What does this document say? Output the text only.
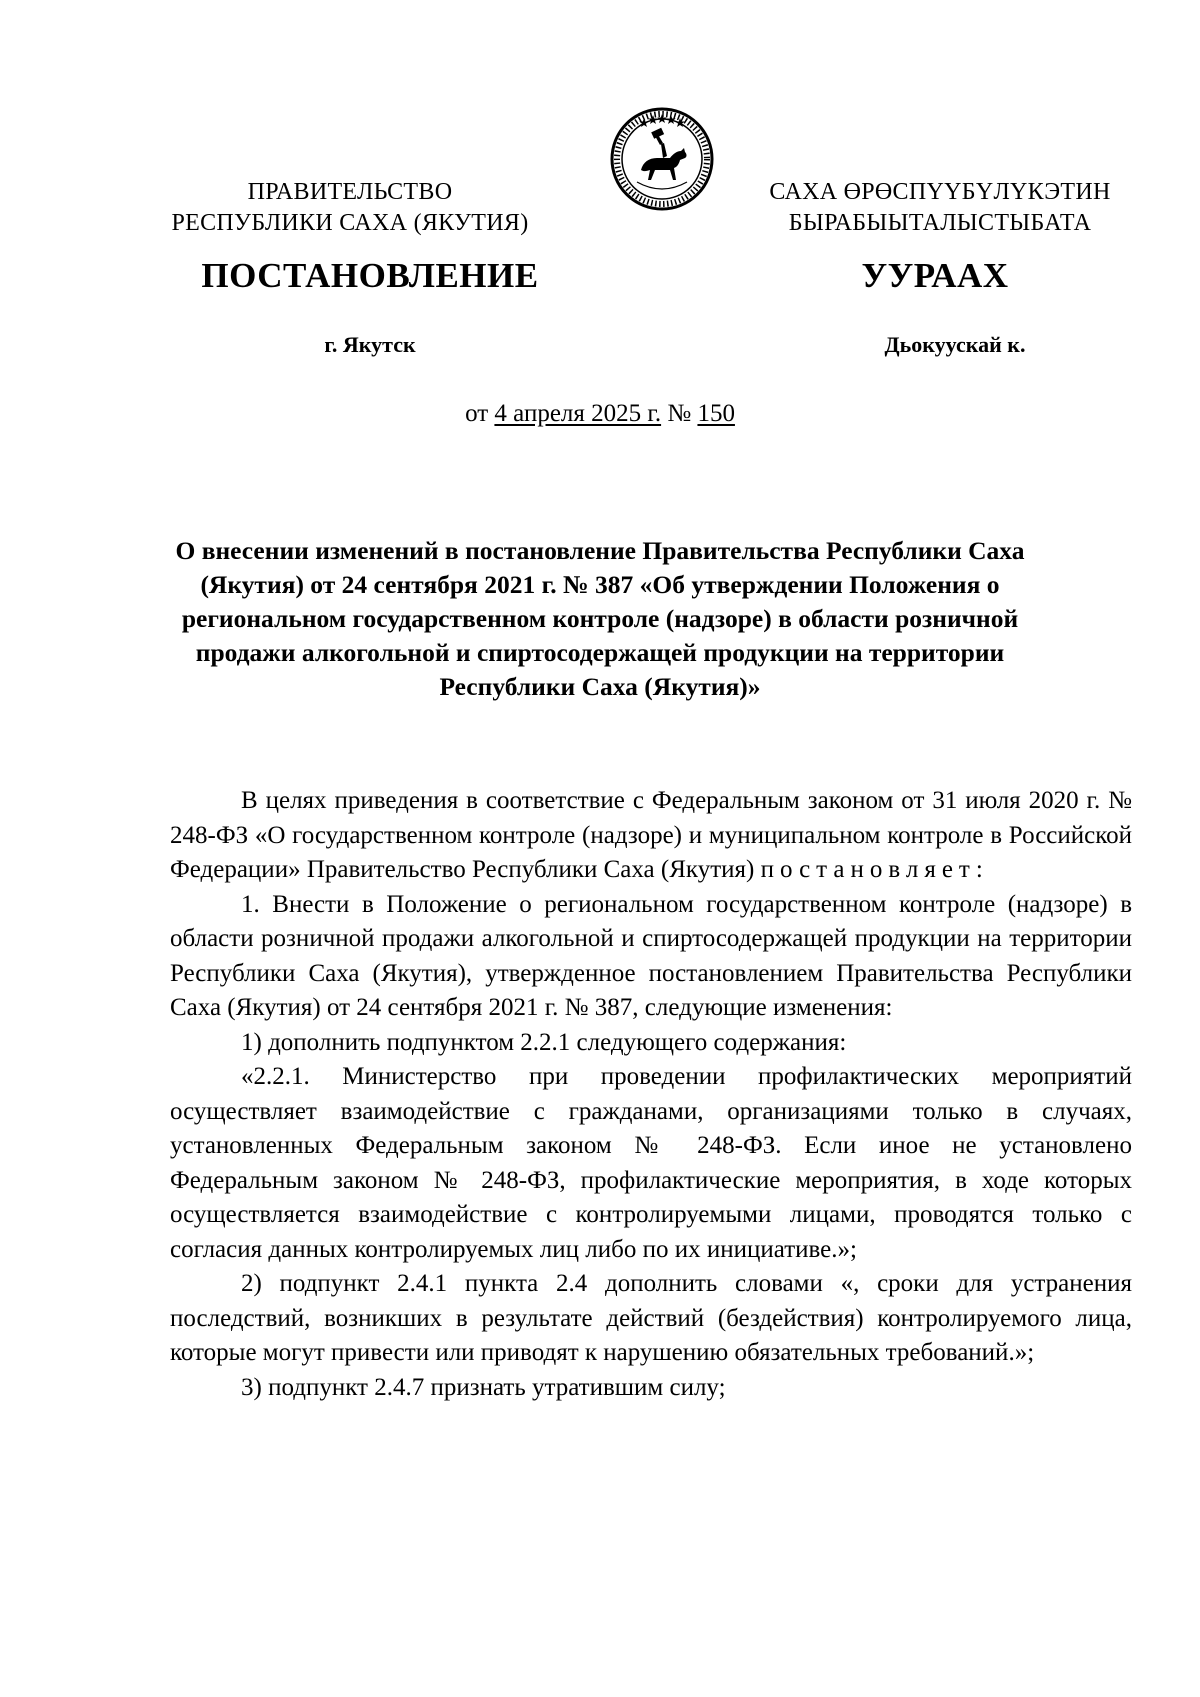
ПРАВИТЕЛЬСТВО
РЕСПУБЛИКИ САХА (ЯКУТИЯ)
САХА ӨРӨСПҮҮБҮЛҮКЭТИН
БЫРАБЫЫТАЛЫСТЫБАТА
ПОСТАНОВЛЕНИЕ	УУРААХ
г. Якутск	Дьокуускай к.
от 4 апреля 2025 г. № 150
О внесении изменений в постановление Правительства Республики Саха (Якутия) от 24 сентября 2021 г. № 387 «Об утверждении Положения о региональном государственном контроле (надзоре) в области розничной продажи алкогольной и спиртосодержащей продукции на территории Республики Саха (Якутия)»

В целях приведения в соответствие с Федеральным законом от 31 июля 2020 г. № 248-ФЗ «О государственном контроле (надзоре) и муниципальном контроле в Российской Федерации» Правительство Республики Саха (Якутия) постановляет:

1. Внести в Положение о региональном государственном контроле (надзоре) в области розничной продажи алкогольной и спиртосодержащей продукции на территории Республики Саха (Якутия), утвержденное постановлением Правительства Республики Саха (Якутия) от 24 сентября 2021 г. № 387, следующие изменения:

1) дополнить подпунктом 2.2.1 следующего содержания:

«2.2.1. Министерство при проведении профилактических мероприятий осуществляет взаимодействие с гражданами, организациями только в случаях, установленных Федеральным законом № 248-ФЗ. Если иное не установлено Федеральным законом № 248-ФЗ, профилактические мероприятия, в ходе которых осуществляется взаимодействие с контролируемыми лицами, проводятся только с согласия данных контролируемых лиц либо по их инициативе.»;

2) подпункт 2.4.1 пункта 2.4 дополнить словами «, сроки для устранения последствий, возникших в результате действий (бездействия) контролируемого лица, которые могут привести или приводят к нарушению обязательных требований.»;

3) подпункт 2.4.7 признать утратившим силу;
